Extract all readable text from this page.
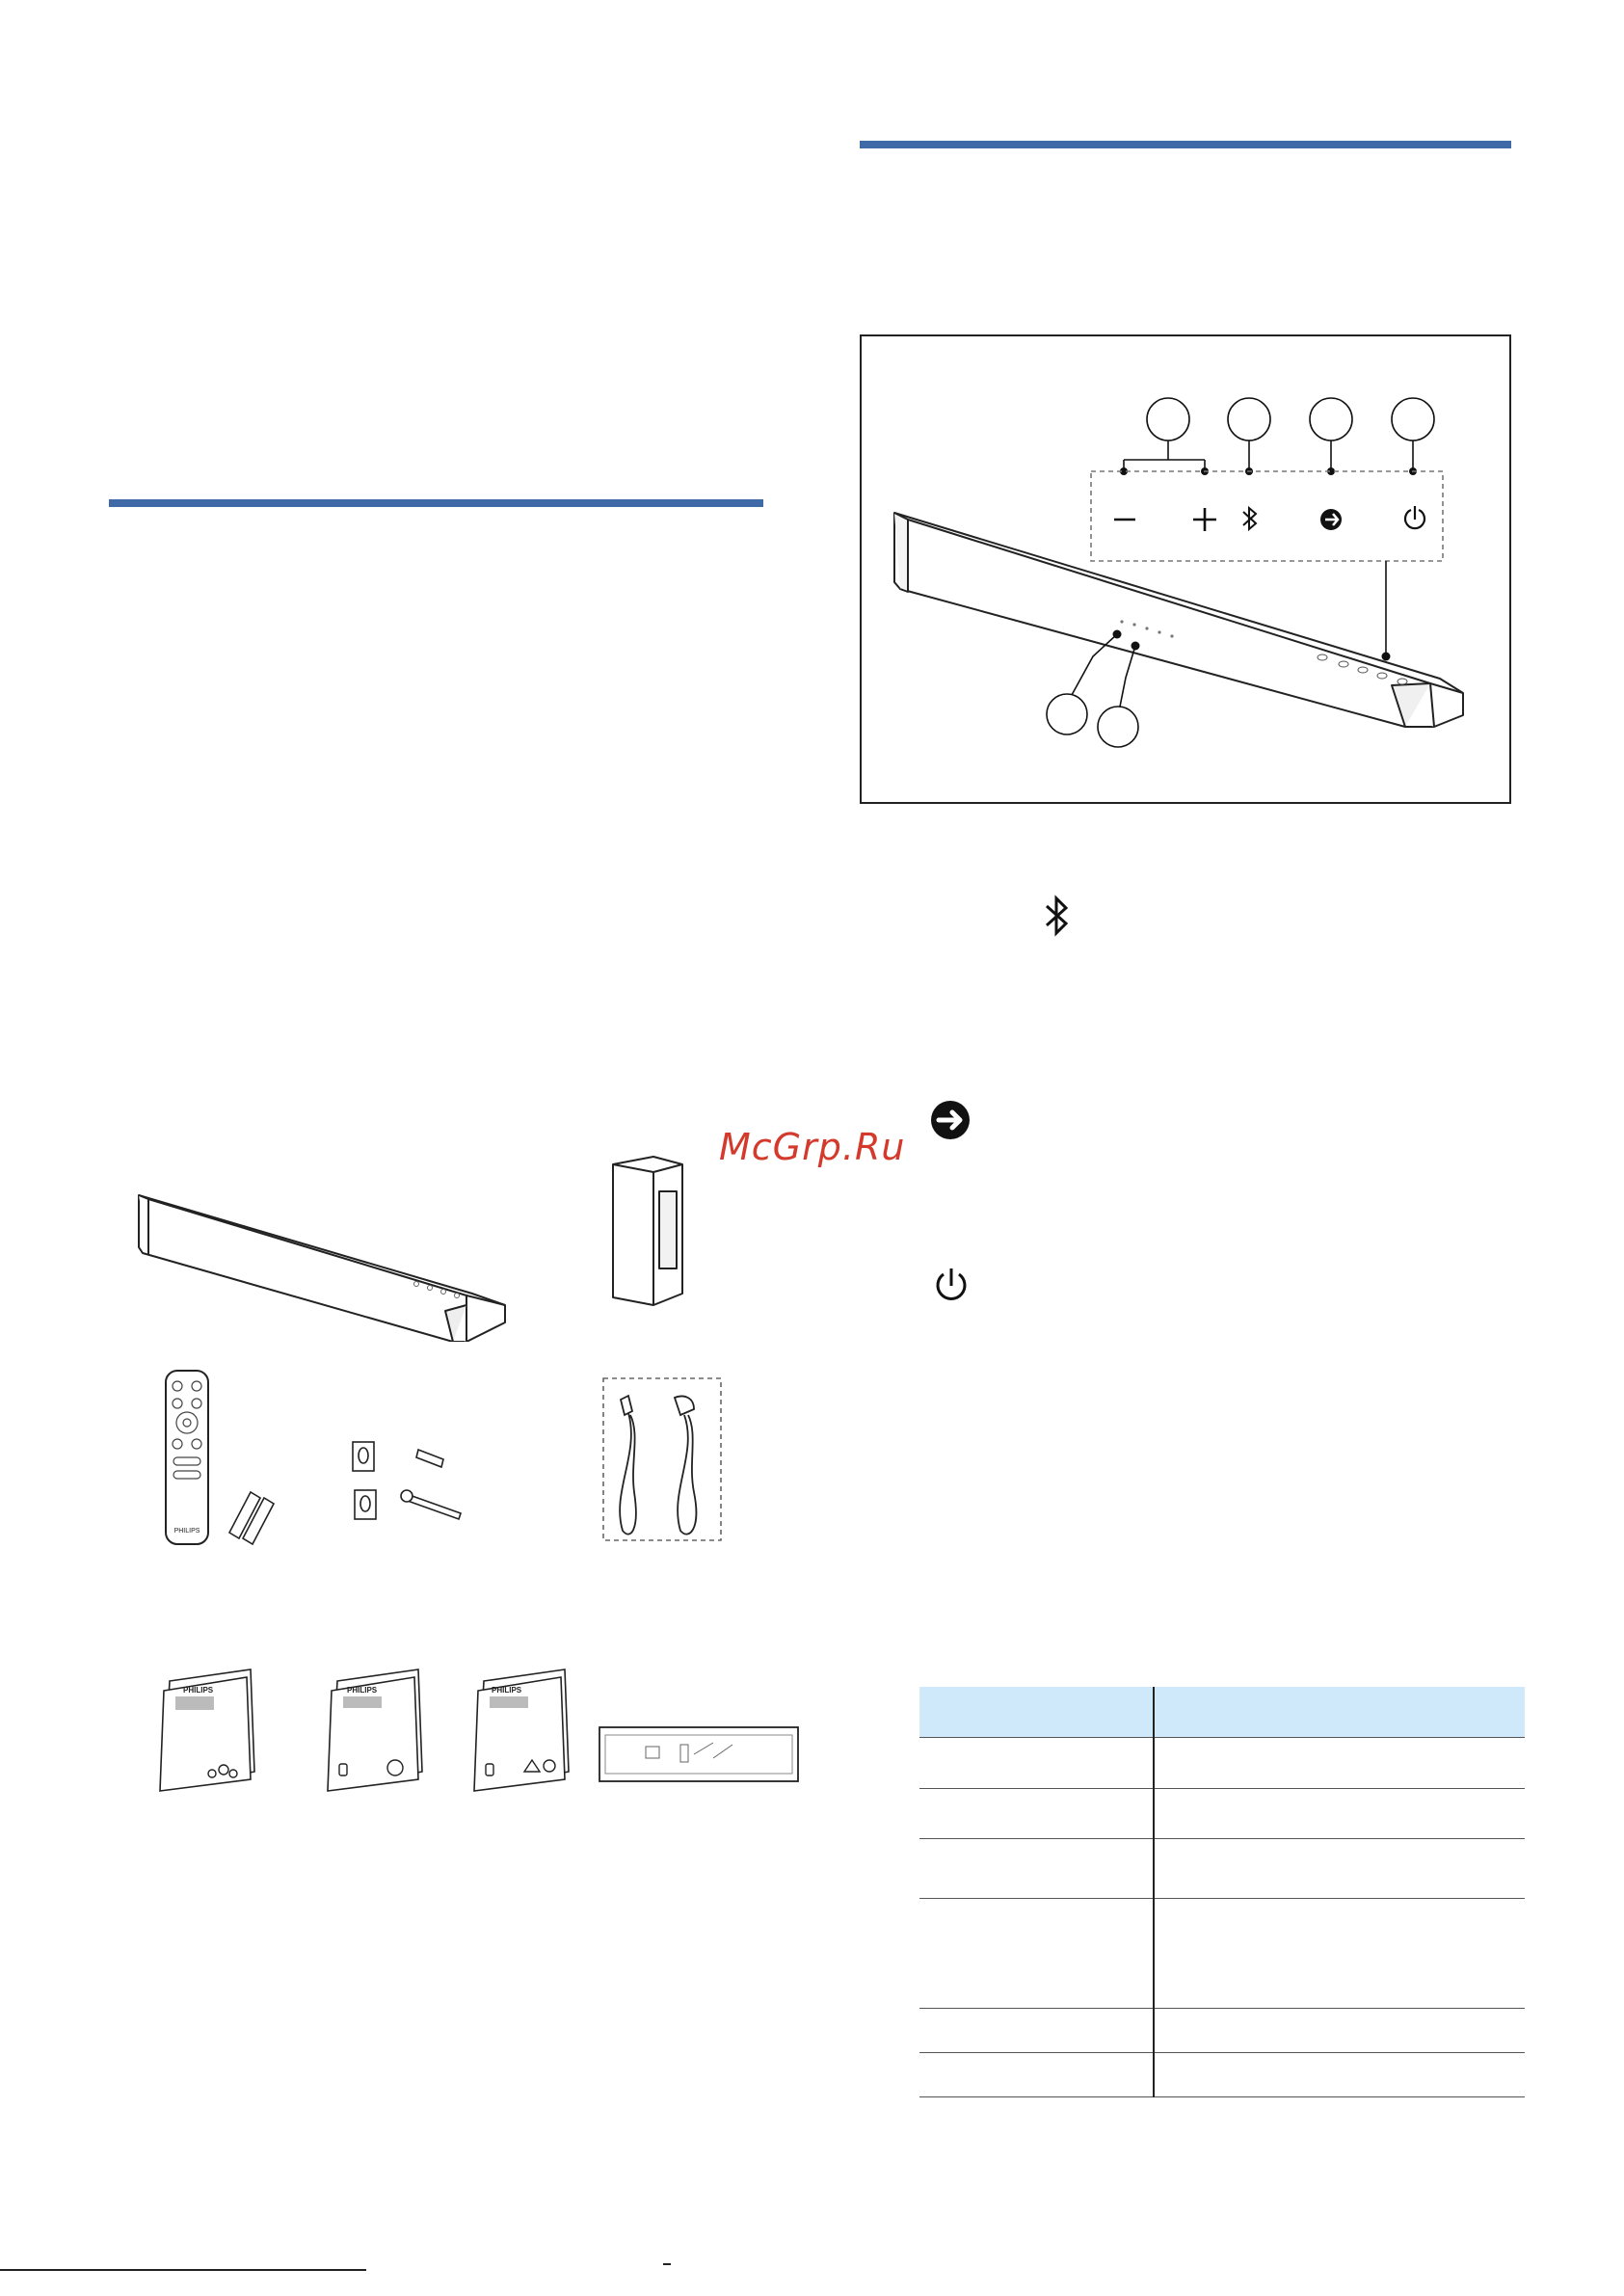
McGrp.Ru
PHILIPS
PHILIPS	PHILIPS	PHILIPS
